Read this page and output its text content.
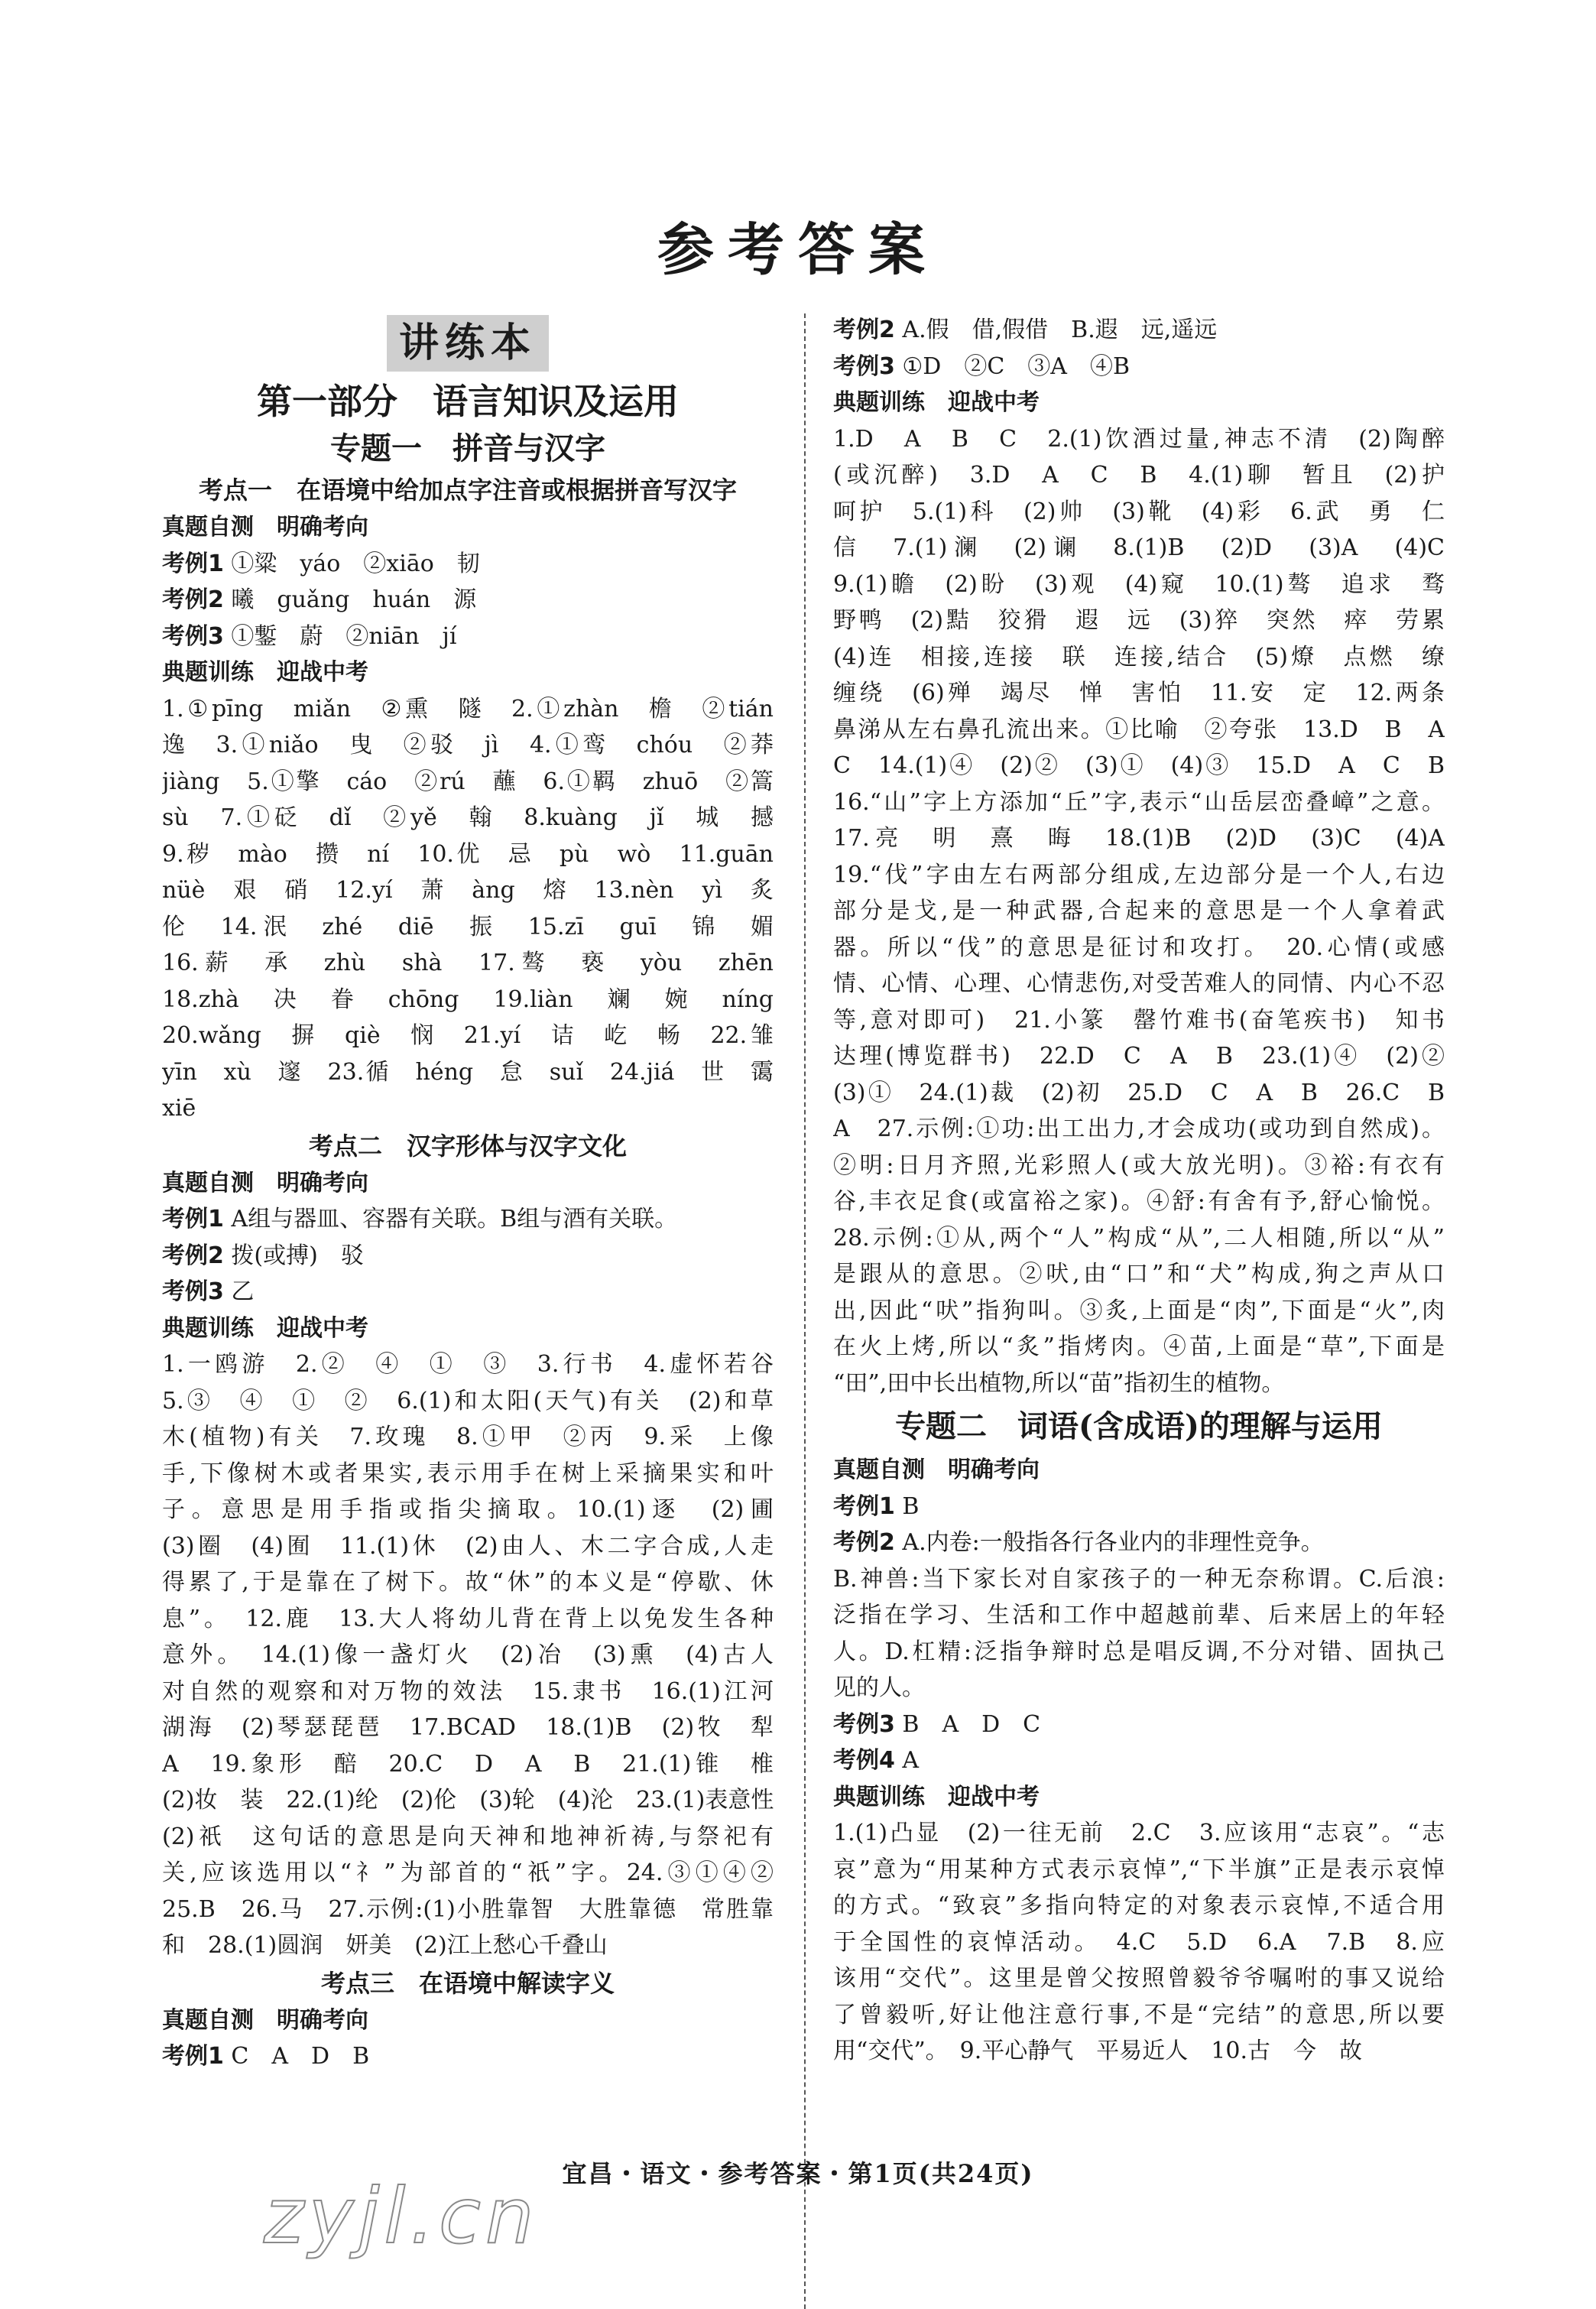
参考答案
讲练本
第一部分　语言知识及运用
专题一　拼音与汉字
考点一　在语境中给加点字注音或根据拼音写汉字
真题自测　明确考向
考例1 ①粱　yáo　②xiāo　韧
考例2 曦　guǎng　huán　源
考例3 ①鏨　蔚　②niān　jí
典题训练　迎战中考
1.①pīng　miǎn　②熏　隧　2.①zhàn　檐　②tián
逸　3.①niǎo　曳　②驳　jì　4.①鸾　chóu　②莽
jiàng　5.①擎　cáo　②rú　蘸　6.①羁　zhuō　②篙
sù　7.①砭　dǐ　②yě　翰　8.kuàng　jǐ　城　撼
9.秽　mào　攒　ní　10.优　忌　pù　wò　11.guān
nüè　艰　硝　12.yí　萧　àng　熔　13.nèn　yì　炙
伦　14.泯　zhé　diē　振　15.zī　guī　锦　媚
16.薪　承　zhù　shà　17.骜　亵　yòu　zhēn
18.zhà　决　眷　chōng　19.liàn　斓　婉　níng
20.wǎng　摒　qiè　悯　21.yí　诘　屹　畅　22.雏
yīn　xù　邃　23.循　héng　怠　suǐ　24.jiá　世　霭
xiē
考点二　汉字形体与汉字文化
真题自测　明确考向
考例1 A组与器皿、容器有关联。B组与酒有关联。
考例2 拨(或搏)　驳
考例3 乙
典题训练　迎战中考
1.一鸥游　2.②　④　①　③　3.行书　4.虚怀若谷
5.③　④　①　②　6.(1)和太阳(天气)有关　(2)和草
木(植物)有关　7.玫瑰　8.①甲　②丙　9.采　上像
手,下像树木或者果实,表示用手在树上采摘果实和叶
子。意思是用手指或指尖摘取。10.(1)逐　(2)圃
(3)圈　(4)囿　11.(1)休　(2)由人、木二字合成,人走
得累了,于是靠在了树下。故“休”的本义是“停歇、休
息”。　12.鹿　13.大人将幼儿背在背上以免发生各种
意外。　14.(1)像一盏灯火　(2)冶　(3)熏　(4)古人
对自然的观察和对万物的效法　15.隶书　16.(1)江河
湖海　(2)琴瑟琵琶　17.BCAD　18.(1)B　(2)牧　犁
A　19.象形　醅　20.C　D　A　B　21.(1)锥　椎
(2)妆　装　22.(1)纶　(2)伦　(3)轮　(4)沦　23.(1)表意性
(2)祇　这句话的意思是向天神和地神祈祷,与祭祀有
关,应该选用以“礻”为部首的“祇”字。24.③①④②
25.B　26.马　27.示例:(1)小胜靠智　大胜靠德　常胜靠
和　28.(1)圆润　妍美　(2)江上愁心千叠山
考点三　在语境中解读字义
真题自测　明确考向
考例1 C　A　D　B
考例2 A.假　借,假借　B.遐　远,遥远
考例3 ①D　②C　③A　④B
典题训练　迎战中考
1.D　A　B　C　2.(1)饮酒过量,神志不清　(2)陶醉
(或沉醉)　3.D　A　C　B　4.(1)聊　暂且　(2)护
呵护　5.(1)科　(2)帅　(3)靴　(4)彩　6.武　勇　仁
信　7.(1)澜　(2)谰　8.(1)B　(2)D　(3)A　(4)C
9.(1)瞻　(2)盼　(3)观　(4)窥　10.(1)骜　追求　骛
野鸭　(2)黠　狡猾　遐　远　(3)猝　突然　瘁　劳累
(4)连　相接,连接　联　连接,结合　(5)燎　点燃　缭
缠绕　(6)殚　竭尽　惮　害怕　11.安　定　12.两条
鼻涕从左右鼻孔流出来。①比喻　②夸张　13.D　B　A
C　14.(1)④　(2)②　(3)①　(4)③　15.D　A　C　B
16.“山”字上方添加“丘”字,表示“山岳层峦叠嶂”之意。
17.亮　明　熹　晦　18.(1)B　(2)D　(3)C　(4)A
19.“伐”字由左右两部分组成,左边部分是一个人,右边
部分是戈,是一种武器,合起来的意思是一个人拿着武
器。所以“伐”的意思是征讨和攻打。　20.心情(或感
情、心情、心理、心情悲伤,对受苦难人的同情、内心不忍
等,意对即可)　21.小篆　罄竹难书(奋笔疾书)　知书
达理(博览群书)　22.D　C　A　B　23.(1)④　(2)②
(3)①　24.(1)裁　(2)初　25.D　C　A　B　26.C　B
A　27.示例:①功:出工出力,才会成功(或功到自然成)。
②明:日月齐照,光彩照人(或大放光明)。③裕:有衣有
谷,丰衣足食(或富裕之家)。④舒:有舍有予,舒心愉悦。
28.示例:①从,两个“人”构成“从”,二人相随,所以“从”
是跟从的意思。②吠,由“口”和“犬”构成,狗之声从口
出,因此“吠”指狗叫。③炙,上面是“肉”,下面是“火”,肉
在火上烤,所以“炙”指烤肉。④苗,上面是“草”,下面是
“田”,田中长出植物,所以“苗”指初生的植物。
专题二　词语(含成语)的理解与运用
真题自测　明确考向
考例1 B
考例2 A.内卷:一般指各行各业内的非理性竞争。
B.神兽:当下家长对自家孩子的一种无奈称谓。C.后浪:
泛指在学习、生活和工作中超越前辈、后来居上的年轻
人。D.杠精:泛指争辩时总是唱反调,不分对错、固执己
见的人。
考例3 B　A　D　C
考例4 A
典题训练　迎战中考
1.(1)凸显　(2)一往无前　2.C　3.应该用“志哀”。“志
哀”意为“用某种方式表示哀悼”,“下半旗”正是表示哀悼
的方式。“致哀”多指向特定的对象表示哀悼,不适合用
于全国性的哀悼活动。　4.C　5.D　6.A　7.B　8.应
该用“交代”。这里是曾父按照曾毅爷爷嘱咐的事又说给
了曾毅听,好让他注意行事,不是“完结”的意思,所以要
用“交代”。　9.平心静气　平易近人　10.古　今　故
宜昌・语文・参考答案・第1页(共24页)
zyjl.cn
